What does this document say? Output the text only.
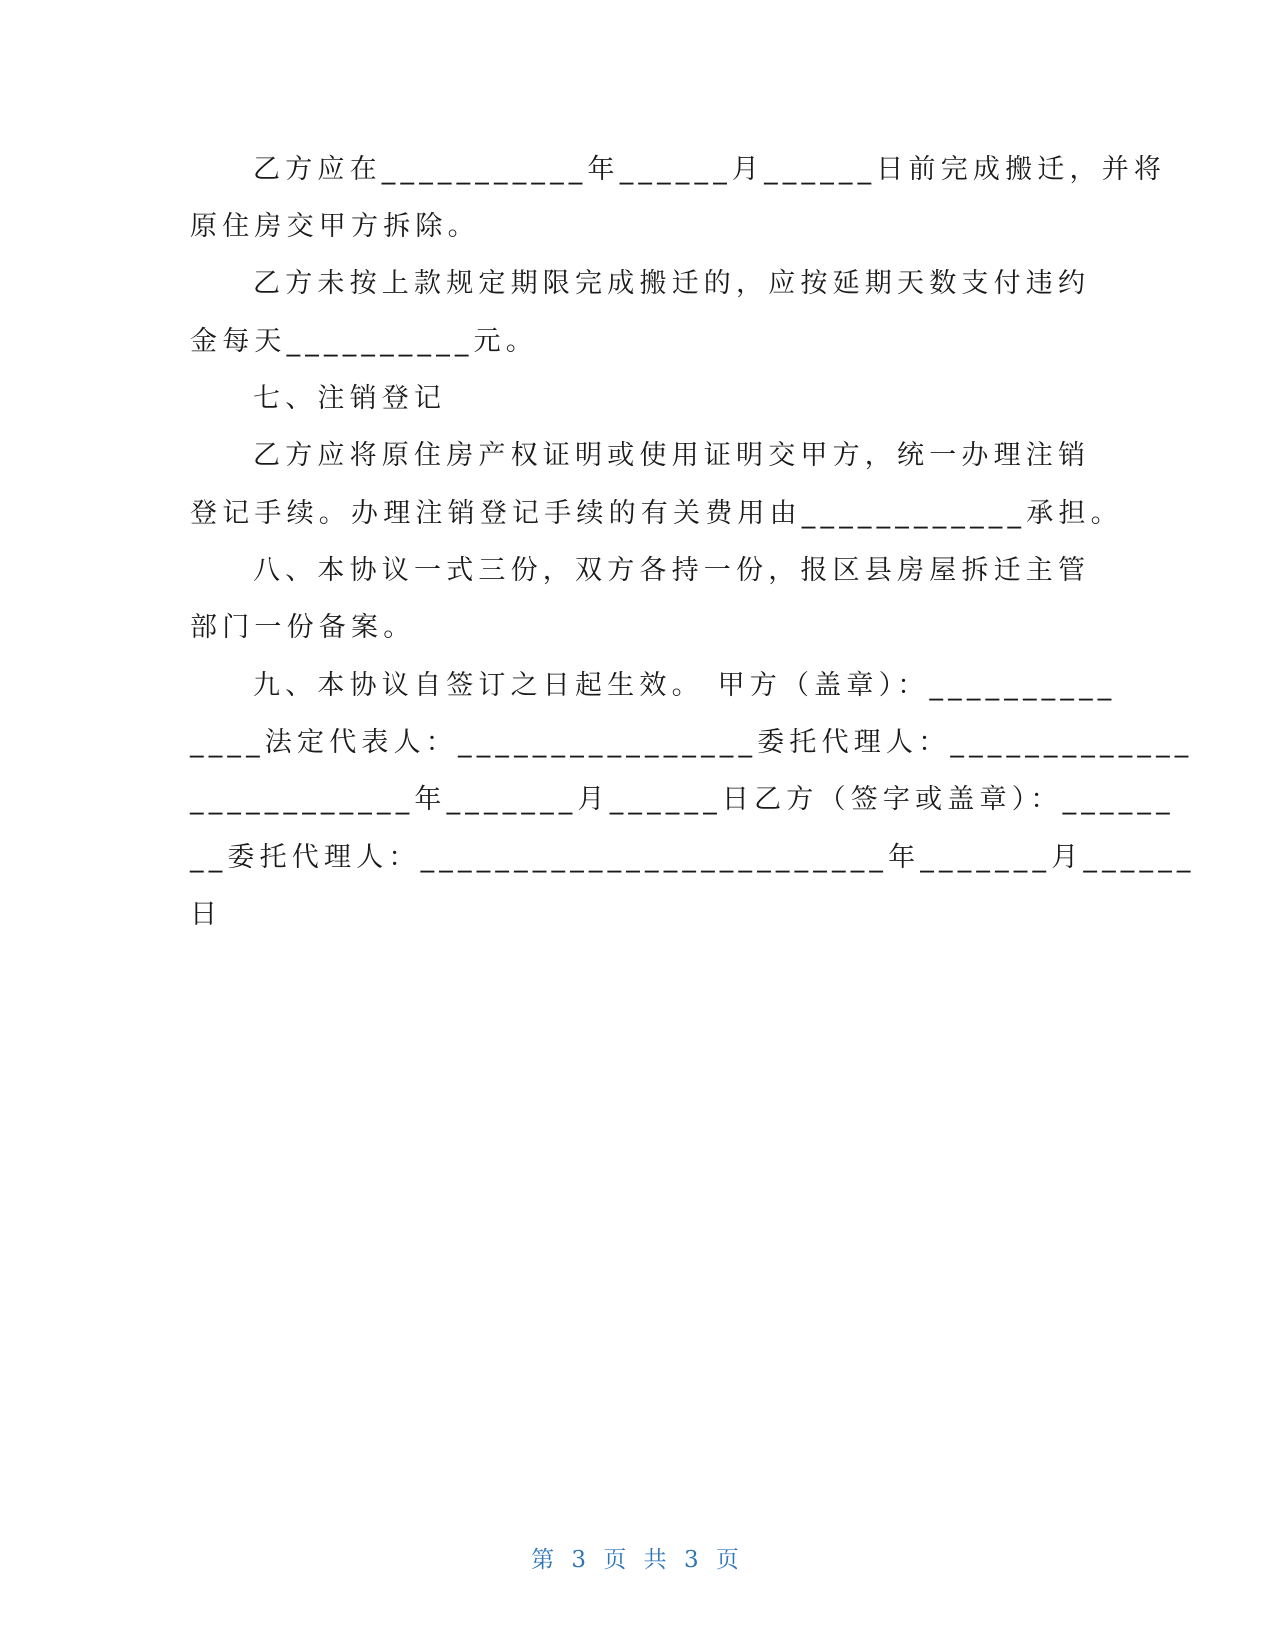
乙方应在___________年______月______日前完成搬迁，并将
原住房交甲方拆除。
乙方未按上款规定期限完成搬迁的，应按延期天数支付违约
金每天__________元。
七、注销登记
乙方应将原住房产权证明或使用证明交甲方，统一办理注销
登记手续。办理注销登记手续的有关费用由____________承担。
八、本协议一式三份，双方各持一份，报区县房屋拆迁主管
部门一份备案。
九、本协议自签订之日起生效。 甲方（盖章）：__________
____法定代表人：________________委托代理人：_____________
____________年_______月______日乙方（签字或盖章）：______
__委托代理人：_________________________年_______月______
日
第 3 页 共 3 页
